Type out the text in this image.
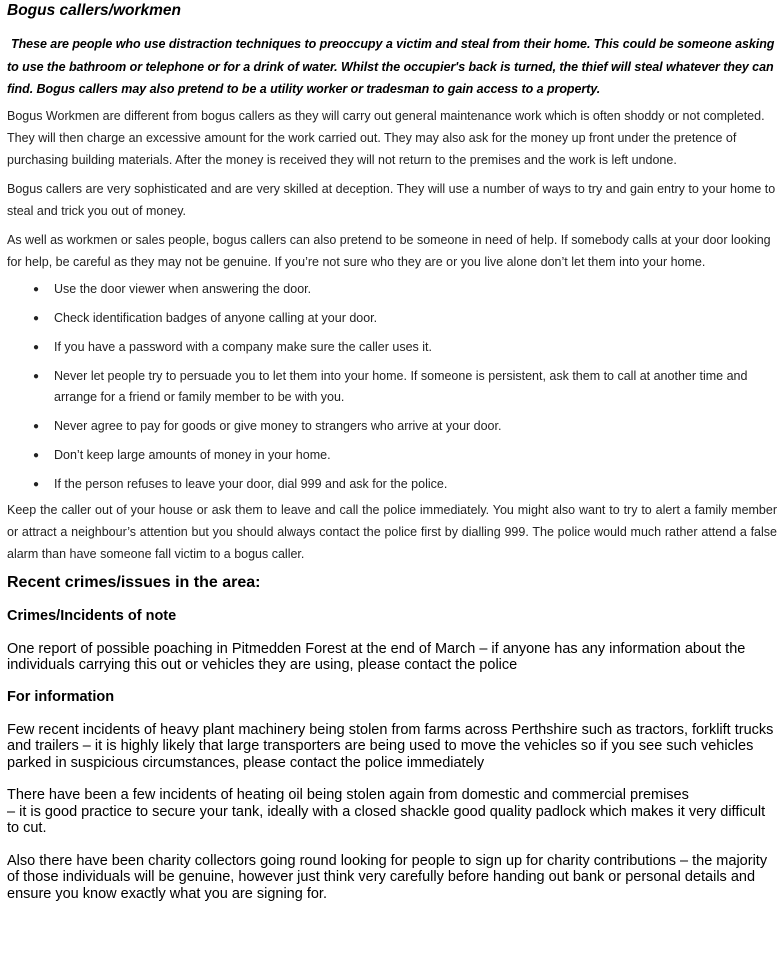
Bogus callers/workmen

These are people who use distraction techniques to preoccupy a victim and steal from their home. This could be someone asking to use the bathroom or telephone or for a drink of water. Whilst the occupier's back is turned, the thief will steal whatever they can find. Bogus callers may also pretend to be a utility worker or tradesman to gain access to a property.

Bogus Workmen are different from bogus callers as they will carry out general maintenance work which is often shoddy or not completed. They will then charge an excessive amount for the work carried out. They may also ask for the money up front under the pretence of purchasing building materials. After the money is received they will not return to the premises and the work is left undone.

Bogus callers are very sophisticated and are very skilled at deception. They will use a number of ways to try and gain entry to your home to steal and trick you out of money.

As well as workmen or sales people, bogus callers can also pretend to be someone in need of help. If somebody calls at your door looking for help, be careful as they may not be genuine. If you’re not sure who they are or you live alone don’t let them into your home.

● Use the door viewer when answering the door.
● Check identification badges of anyone calling at your door.
● If you have a password with a company make sure the caller uses it.
● Never let people try to persuade you to let them into your home. If someone is persistent, ask them to call at another time and arrange for a friend or family member to be with you.
● Never agree to pay for goods or give money to strangers who arrive at your door.
● Don’t keep large amounts of money in your home.
● If the person refuses to leave your door, dial 999 and ask for the police.

Keep the caller out of your house or ask them to leave and call the police immediately. You might also want to try to alert a family member or attract a neighbour’s attention but you should always contact the police first by dialling 999. The police would much rather attend a false alarm than have someone fall victim to a bogus caller.

Recent crimes/issues in the area:
Crimes/Incidents of note

One report of possible poaching in Pitmedden Forest at the end of March – if anyone has any information about the individuals carrying this out or vehicles they are using, please contact the police

For information

Few recent incidents of heavy plant machinery being stolen from farms across Perthshire such as tractors, forklift trucks and trailers – it is highly likely that large transporters are being used to move the vehicles so if you see such vehicles parked in suspicious circumstances, please contact the police immediately

There have been a few incidents of heating oil being stolen again from domestic and commercial premises
– it is good practice to secure your tank, ideally with a closed shackle good quality padlock which makes it very difficult to cut.

Also there have been charity collectors going round looking for people to sign up for charity contributions – the majority of those individuals will be genuine, however just think very carefully before handing out bank or personal details and ensure you know exactly what you are signing for.
